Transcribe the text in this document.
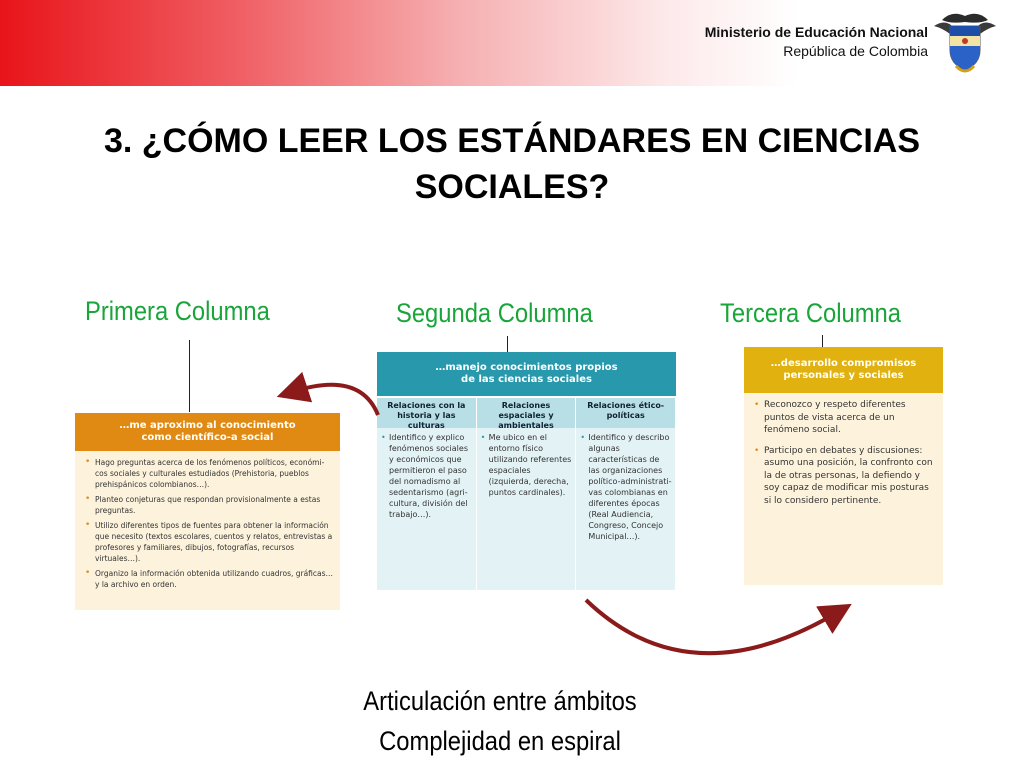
Ministerio de Educación Nacional
República de Colombia
3. ¿CÓMO LEER LOS ESTÁNDARES EN CIENCIAS
SOCIALES?
Primera Columna	Segunda Columna	Tercera Columna
…me aproximo al conocimiento
como científico-a social
• Hago preguntas acerca de los fenómenos políticos, económi-cos sociales y culturales estudiados (Prehistoria, pueblos prehispánicos colombianos…).
• Planteo conjeturas que respondan provisionalmente a estas preguntas.
• Utilizo diferentes tipos de fuentes para obtener la información que necesito (textos escolares, cuentos y relatos, entrevistas a profesores y familiares, dibujos, fotografías, recursos virtuales…).
• Organizo la información obtenida utilizando cuadros, gráficas… y la archivo en orden.
…manejo conocimientos propios
de las ciencias sociales
Relaciones con la historia y las culturas
Relaciones espaciales y ambientales
Relaciones ético-políticas
• Identifico y explico fenómenos sociales y económicos que permitieron el paso del nomadismo al sedentarismo (agri-cultura, división del trabajo…).
• Me ubico en el entorno físico utilizando referentes espaciales (izquierda, derecha, puntos cardinales).
• Identifico y describo algunas características de las organizaciones político-administrati-vas colombianas en diferentes épocas (Real Audiencia, Congreso, Concejo Municipal…).
…desarrollo compromisos
personales y sociales
• Reconozco y respeto diferentes puntos de vista acerca de un fenómeno social.
• Participo en debates y discusiones: asumo una posición, la confronto con la de otras personas, la defiendo y soy capaz de modificar mis posturas si lo considero pertinente.
Articulación entre ámbitos
Complejidad en espiral
